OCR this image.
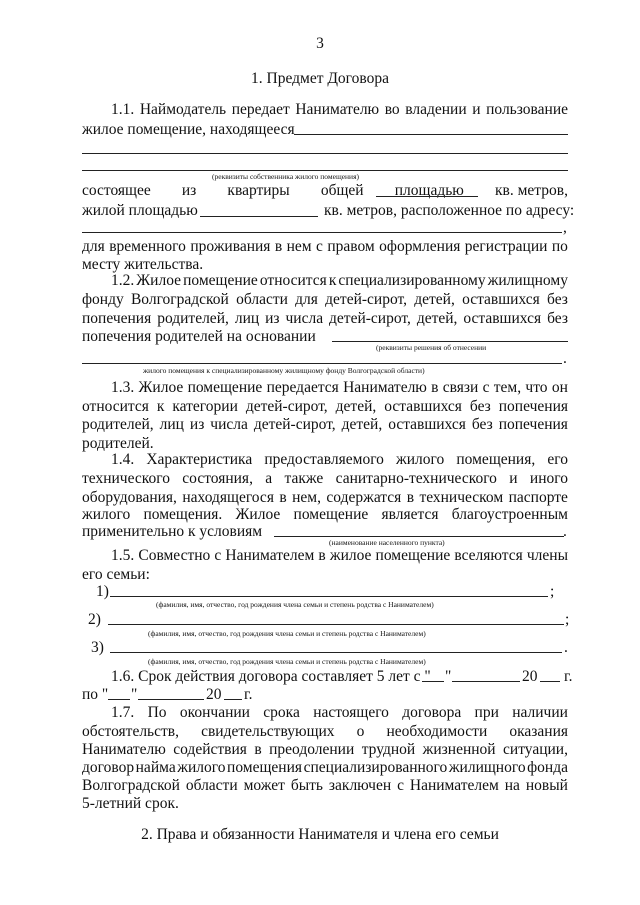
3
1. Предмет Договора
1.1. Наймодатель передает Нанимателю во владении и пользование
жилое помещение, находящееся
(реквизиты собственника жилого помещения)
состоящее из квартиры общей площадью кв. метров,
жилой площадью	кв. метров, расположенное по адресу:
,
для временного проживания в нем с правом оформления регистрации по
месту жительства.
1.2. Жилое помещение относится к специализированному жилищному
фонду Волгоградской области для детей-сирот, детей, оставшихся без
попечения родителей, лиц из числа детей-сирот, детей, оставшихся без
попечения родителей на основании
(реквизиты решения об отнесении
.
жилого помещения к специализированному жилищному фонду Волгоградской области)
1.3. Жилое помещение передается Нанимателю в связи с тем, что он
относится к категории детей-сирот, детей, оставшихся без попечения
родителей, лиц из числа детей-сирот, детей, оставшихся без попечения
родителей.
1.4. Характеристика предоставляемого жилого помещения, его
технического состояния, а также санитарно-технического и иного
оборудования, находящегося в нем, содержатся в техническом паспорте
жилого помещения. Жилое помещение является благоустроенным
применительно к условиям	.
(наименование населенного пункта)
1.5. Совместно с Нанимателем в жилое помещение вселяются члены
его семьи:
1)	;
(фамилия, имя, отчество, год рождения члена семьи и степень родства с Нанимателем)
2)	;
(фамилия, имя, отчество, год рождения члена семьи и степень родства с Нанимателем)
3)	.
(фамилия, имя, отчество, год рождения члена семьи и степень родства с Нанимателем)
1.6. Срок действия договора составляет 5 лет с " "	20 г.
по " "	20 г.
1.7. По окончании срока настоящего договора при наличии
обстоятельств, свидетельствующих о необходимости оказания
Нанимателю содействия в преодолении трудной жизненной ситуации,
договор найма жилого помещения специализированного жилищного фонда
Волгоградской области может быть заключен с Нанимателем на новый
5-летний срок.
2. Права и обязанности Нанимателя и члена его семьи
